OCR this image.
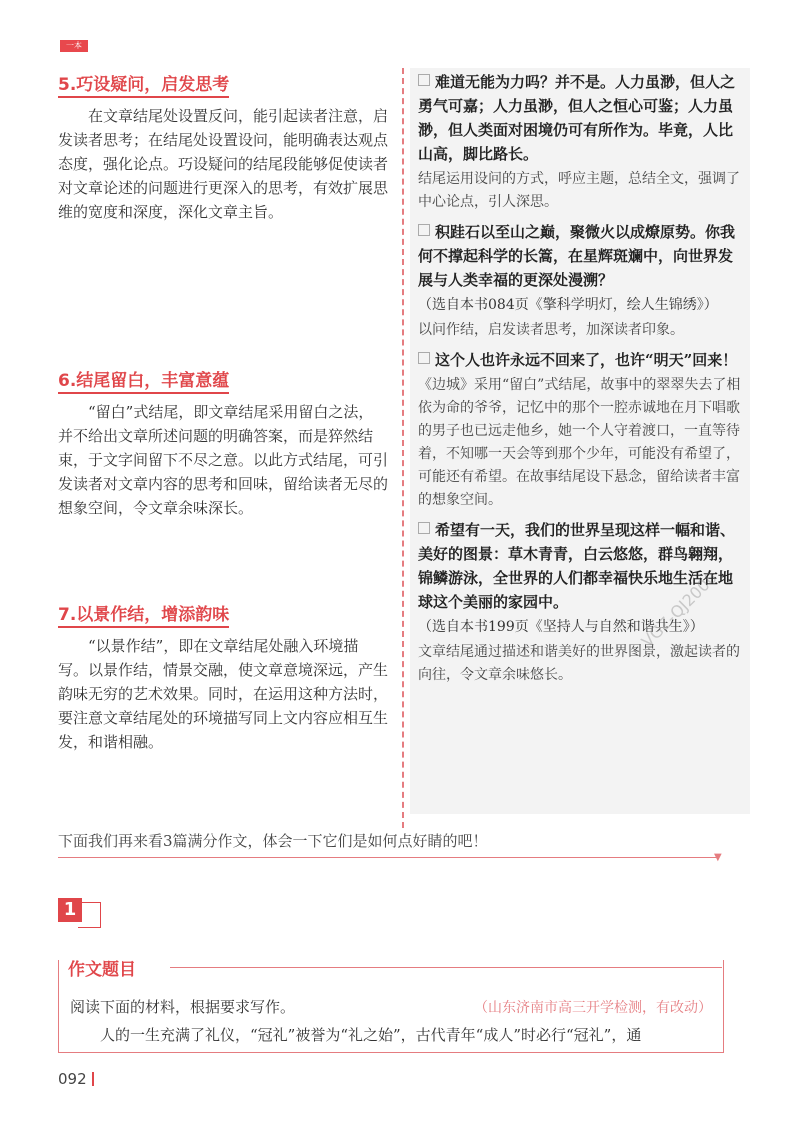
一本
5.巧设疑问，启发思考

在文章结尾处设置反问，能引起读者注意，启发读者思考；在结尾处设置设问，能明确表达观点态度，强化论点。巧设疑问的结尾段能够促使读者对文章论述的问题进行更深入的思考，有效扩展思维的宽度和深度，深化文章主旨。

6.结尾留白，丰富意蕴

“留白”式结尾，即文章结尾采用留白之法，并不给出文章所述问题的明确答案，而是猝然结束，于文字间留下不尽之意。以此方式结尾，可引发读者对文章内容的思考和回味，留给读者无尽的想象空间，令文章余味深长。

7.以景作结，增添韵味

“以景作结”，即在文章结尾处融入环境描写。以景作结，情景交融，使文章意境深远，产生韵味无穷的艺术效果。同时，在运用这种方法时，要注意文章结尾处的环境描写同上文内容应相互生发，和谐相融。

难道无能为力吗？并不是。人力虽渺，但人之勇气可嘉；人力虽渺，但人之恒心可鉴；人力虽渺，但人类面对困境仍可有所作为。毕竟，人比山高，脚比路长。

结尾运用设问的方式，呼应主题，总结全文，强调了中心论点，引人深思。

积跬石以至山之巅，聚微火以成燎原势。你我何不撑起科学的长篙，在星辉斑斓中，向世界发展与人类幸福的更深处漫溯？

（选自本书084页《擎科学明灯，绘人生锦绣》）

以问作结，启发读者思考，加深读者印象。

这个人也许永远不回来了，也许“明天”回来！

《边城》采用“留白”式结尾，故事中的翠翠失去了相依为命的爷爷，记忆中的那个一腔赤诚地在月下唱歌的男子也已远走他乡，她一个人守着渡口，一直等待着，不知哪一天会等到那个少年，可能没有希望了，可能还有希望。在故事结尾设下悬念，留给读者丰富的想象空间。

希望有一天，我们的世界呈现这样一幅和谐、美好的图景：草木青青，白云悠悠，群鸟翱翔，锦鳞游泳，全世界的人们都幸福快乐地生活在地球这个美丽的家园中。

（选自本书199页《坚持人与自然和谐共生》）

文章结尾通过描述和谐美好的世界图景，激起读者的向往，令文章余味悠长。

VGZ-QJ2000
下面我们再来看3篇满分作文，体会一下它们是如何点好睛的吧！
▼
1
作文题目
阅读下面的材料，根据要求写作。	（山东济南市高三开学检测，有改动）
人的一生充满了礼仪，“冠礼”被誉为“礼之始”，古代青年“成人”时必行“冠礼”，通
092
